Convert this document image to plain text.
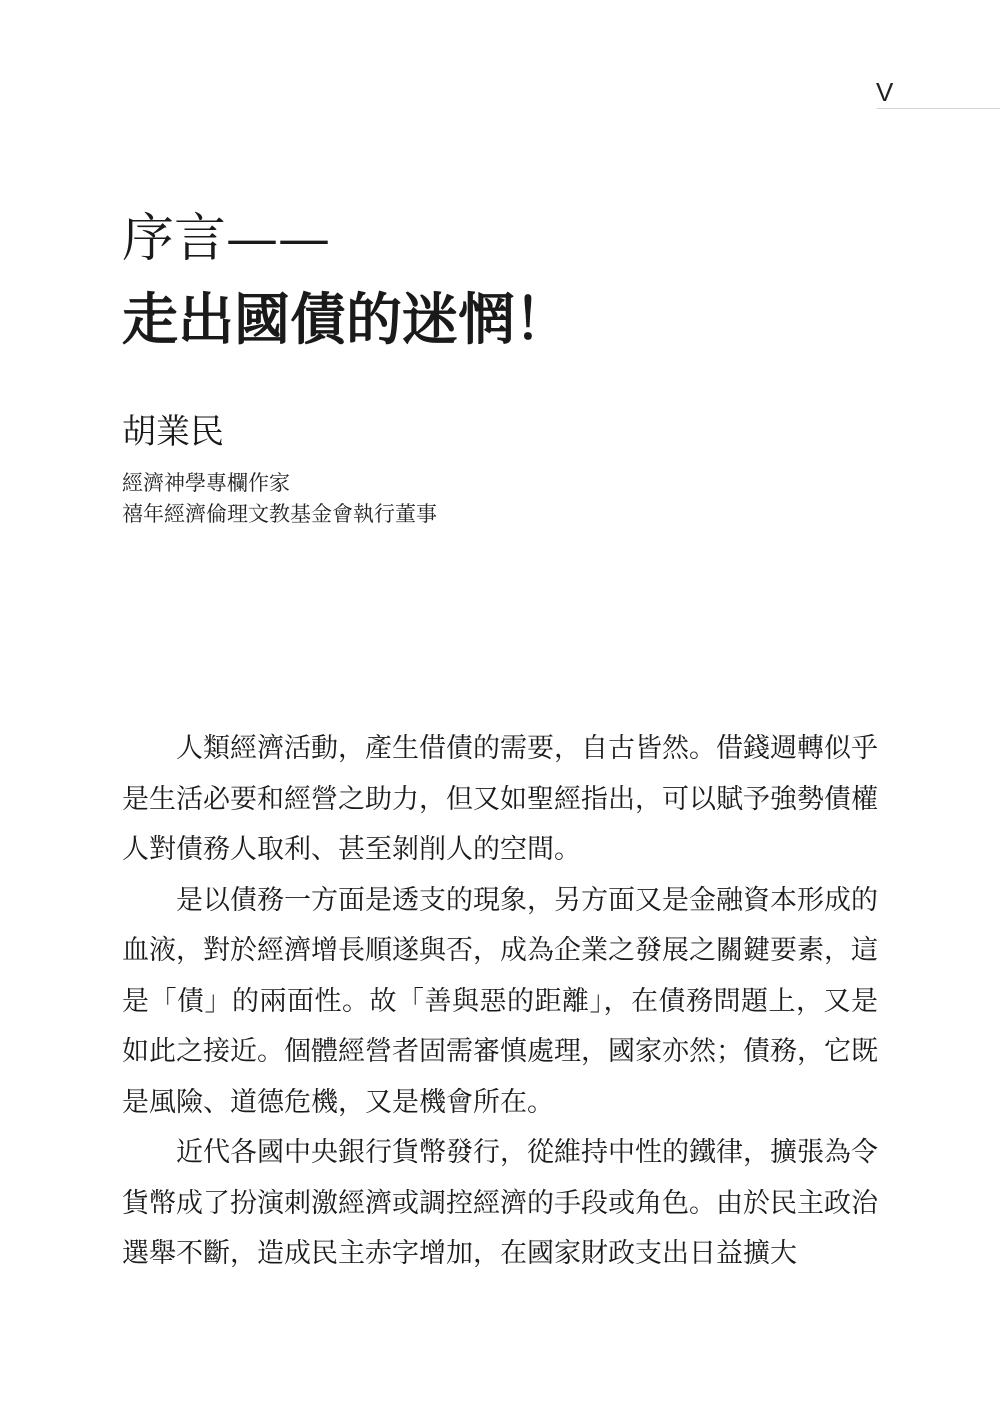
V
序言——
走出國債的迷惘！
胡業民
經濟神學專欄作家
禧年經濟倫理文教基金會執行董事

人類經濟活動，產生借債的需要，自古皆然。借錢週轉似乎是生活必要和經營之助力，但又如聖經指出，可以賦予強勢債權人對債務人取利、甚至剝削人的空間。

是以債務一方面是透支的現象，另方面又是金融資本形成的血液，對於經濟增長順遂與否，成為企業之發展之關鍵要素，這是「債」的兩面性。故「善與惡的距離」，在債務問題上，又是如此之接近。個體經營者固需審慎處理，國家亦然；債務，它既是風險、道德危機，又是機會所在。

近代各國中央銀行貨幣發行，從維持中性的鐵律，擴張為令貨幣成了扮演刺激經濟或調控經濟的手段或角色。由於民主政治選舉不斷，造成民主赤字增加，在國家財政支出日益擴大
